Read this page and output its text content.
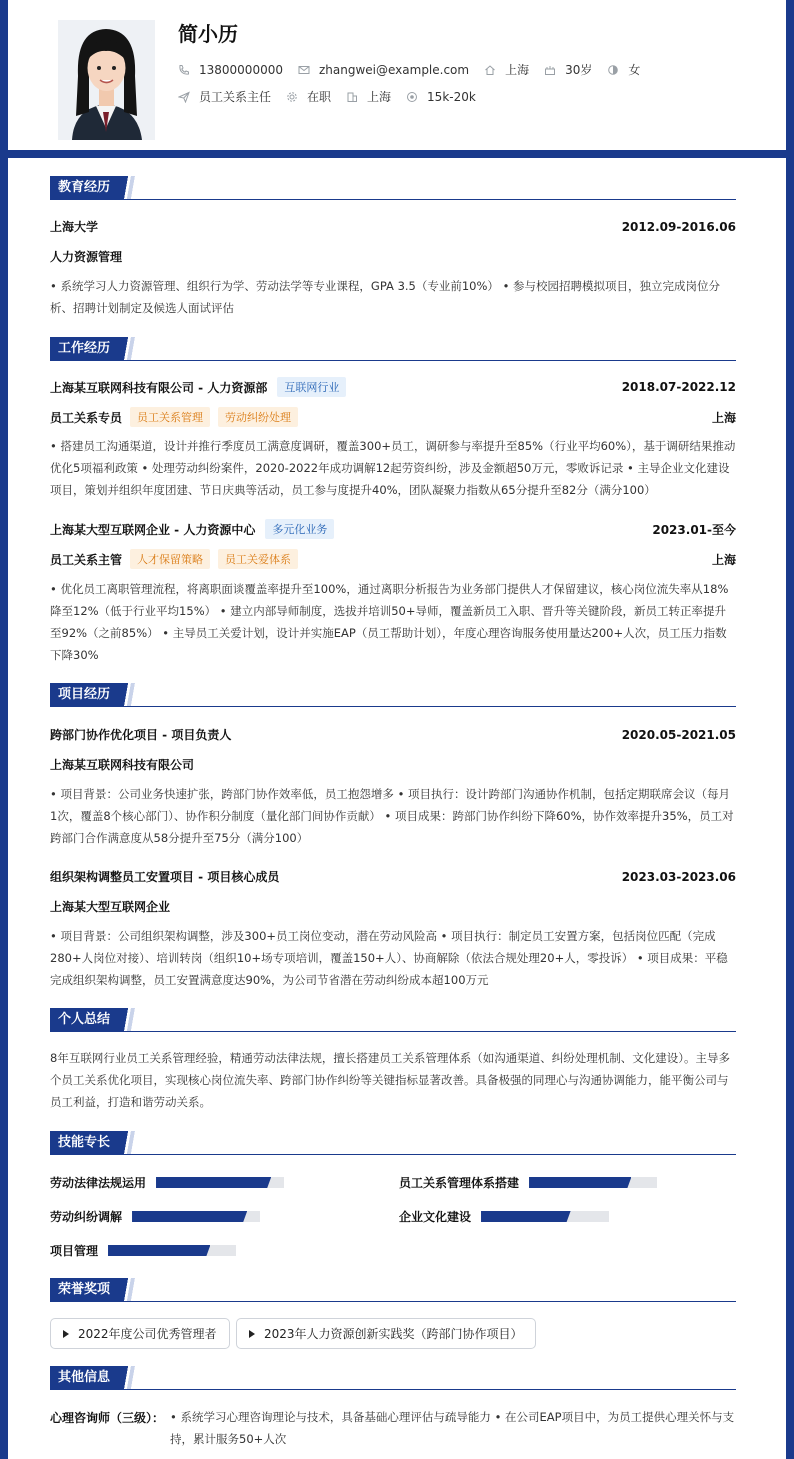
简小历
13800000000	zhangwei@example.com	上海	30岁	女
员工关系主任	在职	上海	15k-20k
教育经历
上海大学	2012.09-2016.06
人力资源管理
• 系统学习人力资源管理、组织行为学、劳动法学等专业课程，GPA 3.5（专业前10%） • 参与校园招聘模拟项目，独立完成岗位分析、招聘计划制定及候选人面试评估
工作经历
上海某互联网科技有限公司 - 人力资源部	互联网行业	2018.07-2022.12
员工关系专员	员工关系管理	劳动纠纷处理	上海
• 搭建员工沟通渠道，设计并推行季度员工满意度调研，覆盖300+员工，调研参与率提升至85%（行业平均60%），基于调研结果推动优化5项福利政策 • 处理劳动纠纷案件，2020-2022年成功调解12起劳资纠纷，涉及金额超50万元，零败诉记录 • 主导企业文化建设项目，策划并组织年度团建、节日庆典等活动，员工参与度提升40%，团队凝聚力指数从65分提升至82分（满分100）
上海某大型互联网企业 - 人力资源中心	多元化业务	2023.01-至今
员工关系主管	人才保留策略	员工关爱体系	上海
• 优化员工离职管理流程，将离职面谈覆盖率提升至100%，通过离职分析报告为业务部门提供人才保留建议，核心岗位流失率从18%降至12%（低于行业平均15%） • 建立内部导师制度，选拔并培训50+导师，覆盖新员工入职、晋升等关键阶段，新员工转正率提升至92%（之前85%） • 主导员工关爱计划，设计并实施EAP（员工帮助计划），年度心理咨询服务使用量达200+人次，员工压力指数下降30%
项目经历
跨部门协作优化项目 - 项目负责人	2020.05-2021.05
上海某互联网科技有限公司
• 项目背景：公司业务快速扩张，跨部门协作效率低，员工抱怨增多 • 项目执行：设计跨部门沟通协作机制，包括定期联席会议（每月1次，覆盖8个核心部门）、协作积分制度（量化部门间协作贡献） • 项目成果：跨部门协作纠纷下降60%，协作效率提升35%，员工对跨部门合作满意度从58分提升至75分（满分100）
组织架构调整员工安置项目 - 项目核心成员	2023.03-2023.06
上海某大型互联网企业
• 项目背景：公司组织架构调整，涉及300+员工岗位变动，潜在劳动风险高 • 项目执行：制定员工安置方案，包括岗位匹配（完成280+人岗位对接）、培训转岗（组织10+场专项培训，覆盖150+人）、协商解除（依法合规处理20+人，零投诉） • 项目成果：平稳完成组织架构调整，员工安置满意度达90%，为公司节省潜在劳动纠纷成本超100万元
个人总结
8年互联网行业员工关系管理经验，精通劳动法律法规，擅长搭建员工关系管理体系（如沟通渠道、纠纷处理机制、文化建设）。主导多个员工关系优化项目，实现核心岗位流失率、跨部门协作纠纷等关键指标显著改善。具备极强的同理心与沟通协调能力，能平衡公司与员工利益，打造和谐劳动关系。
技能专长
劳动法律法规运用	员工关系管理体系搭建
劳动纠纷调解	企业文化建设
项目管理
荣誉奖项
2022年度公司优秀管理者	2023年人力资源创新实践奖（跨部门协作项目）
其他信息
心理咨询师（三级）： • 系统学习心理咨询理论与技术，具备基础心理评估与疏导能力 • 在公司EAP项目中，为员工提供心理关怀与支持，累计服务50+人次
